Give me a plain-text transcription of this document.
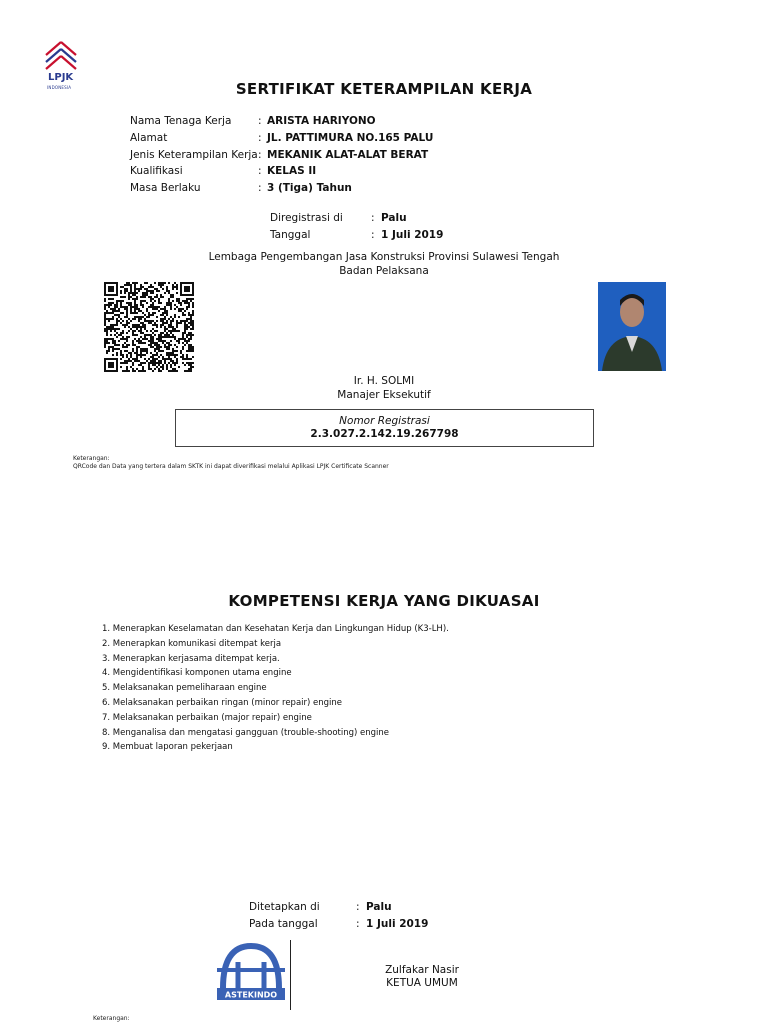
LPJK
INDONESIA	SERTIFIKAT KETERAMPILAN KERJA
Nama Tenaga Kerja	: ARISTA HARIYONO
Alamat	: JL. PATTIMURA NO.165 PALU
Jenis Keterampilan Kerja : MEKANIK ALAT-ALAT BERAT
Kualifikasi	: KELAS II
Masa Berlaku	: 3 (Tiga) Tahun
Diregistrasi di	: Palu
Tanggal	: 1 Juli 2019
Lembaga Pengembangan Jasa Konstruksi Provinsi Sulawesi Tengah
Badan Pelaksana
Ir. H. SOLMI
Manajer Eksekutif
Nomor Registrasi
2.3.027.2.142.19.267798
Keterangan:
QRCode dan Data yang tertera dalam SKTK ini dapat diverifikasi melalui Aplikasi LPJK Certificate Scanner
KOMPETENSI KERJA YANG DIKUASAI
1. Menerapkan Keselamatan dan Kesehatan Kerja dan Lingkungan Hidup (K3-LH).
2. Menerapkan komunikasi ditempat kerja
3. Menerapkan kerjasama ditempat kerja.
4. Mengidentifikasi komponen utama engine
5. Melaksanakan pemeliharaan engine
6. Melaksanakan perbaikan ringan (minor repair) engine
7. Melaksanakan perbaikan (major repair) engine
8. Menganalisa dan mengatasi gangguan (trouble-shooting) engine
9. Membuat laporan pekerjaan
Ditetapkan di	: Palu
Pada tanggal	: 1 Juli 2019
ASTEKINDO
Zulfakar Nasir
KETUA UMUM
Keterangan:
